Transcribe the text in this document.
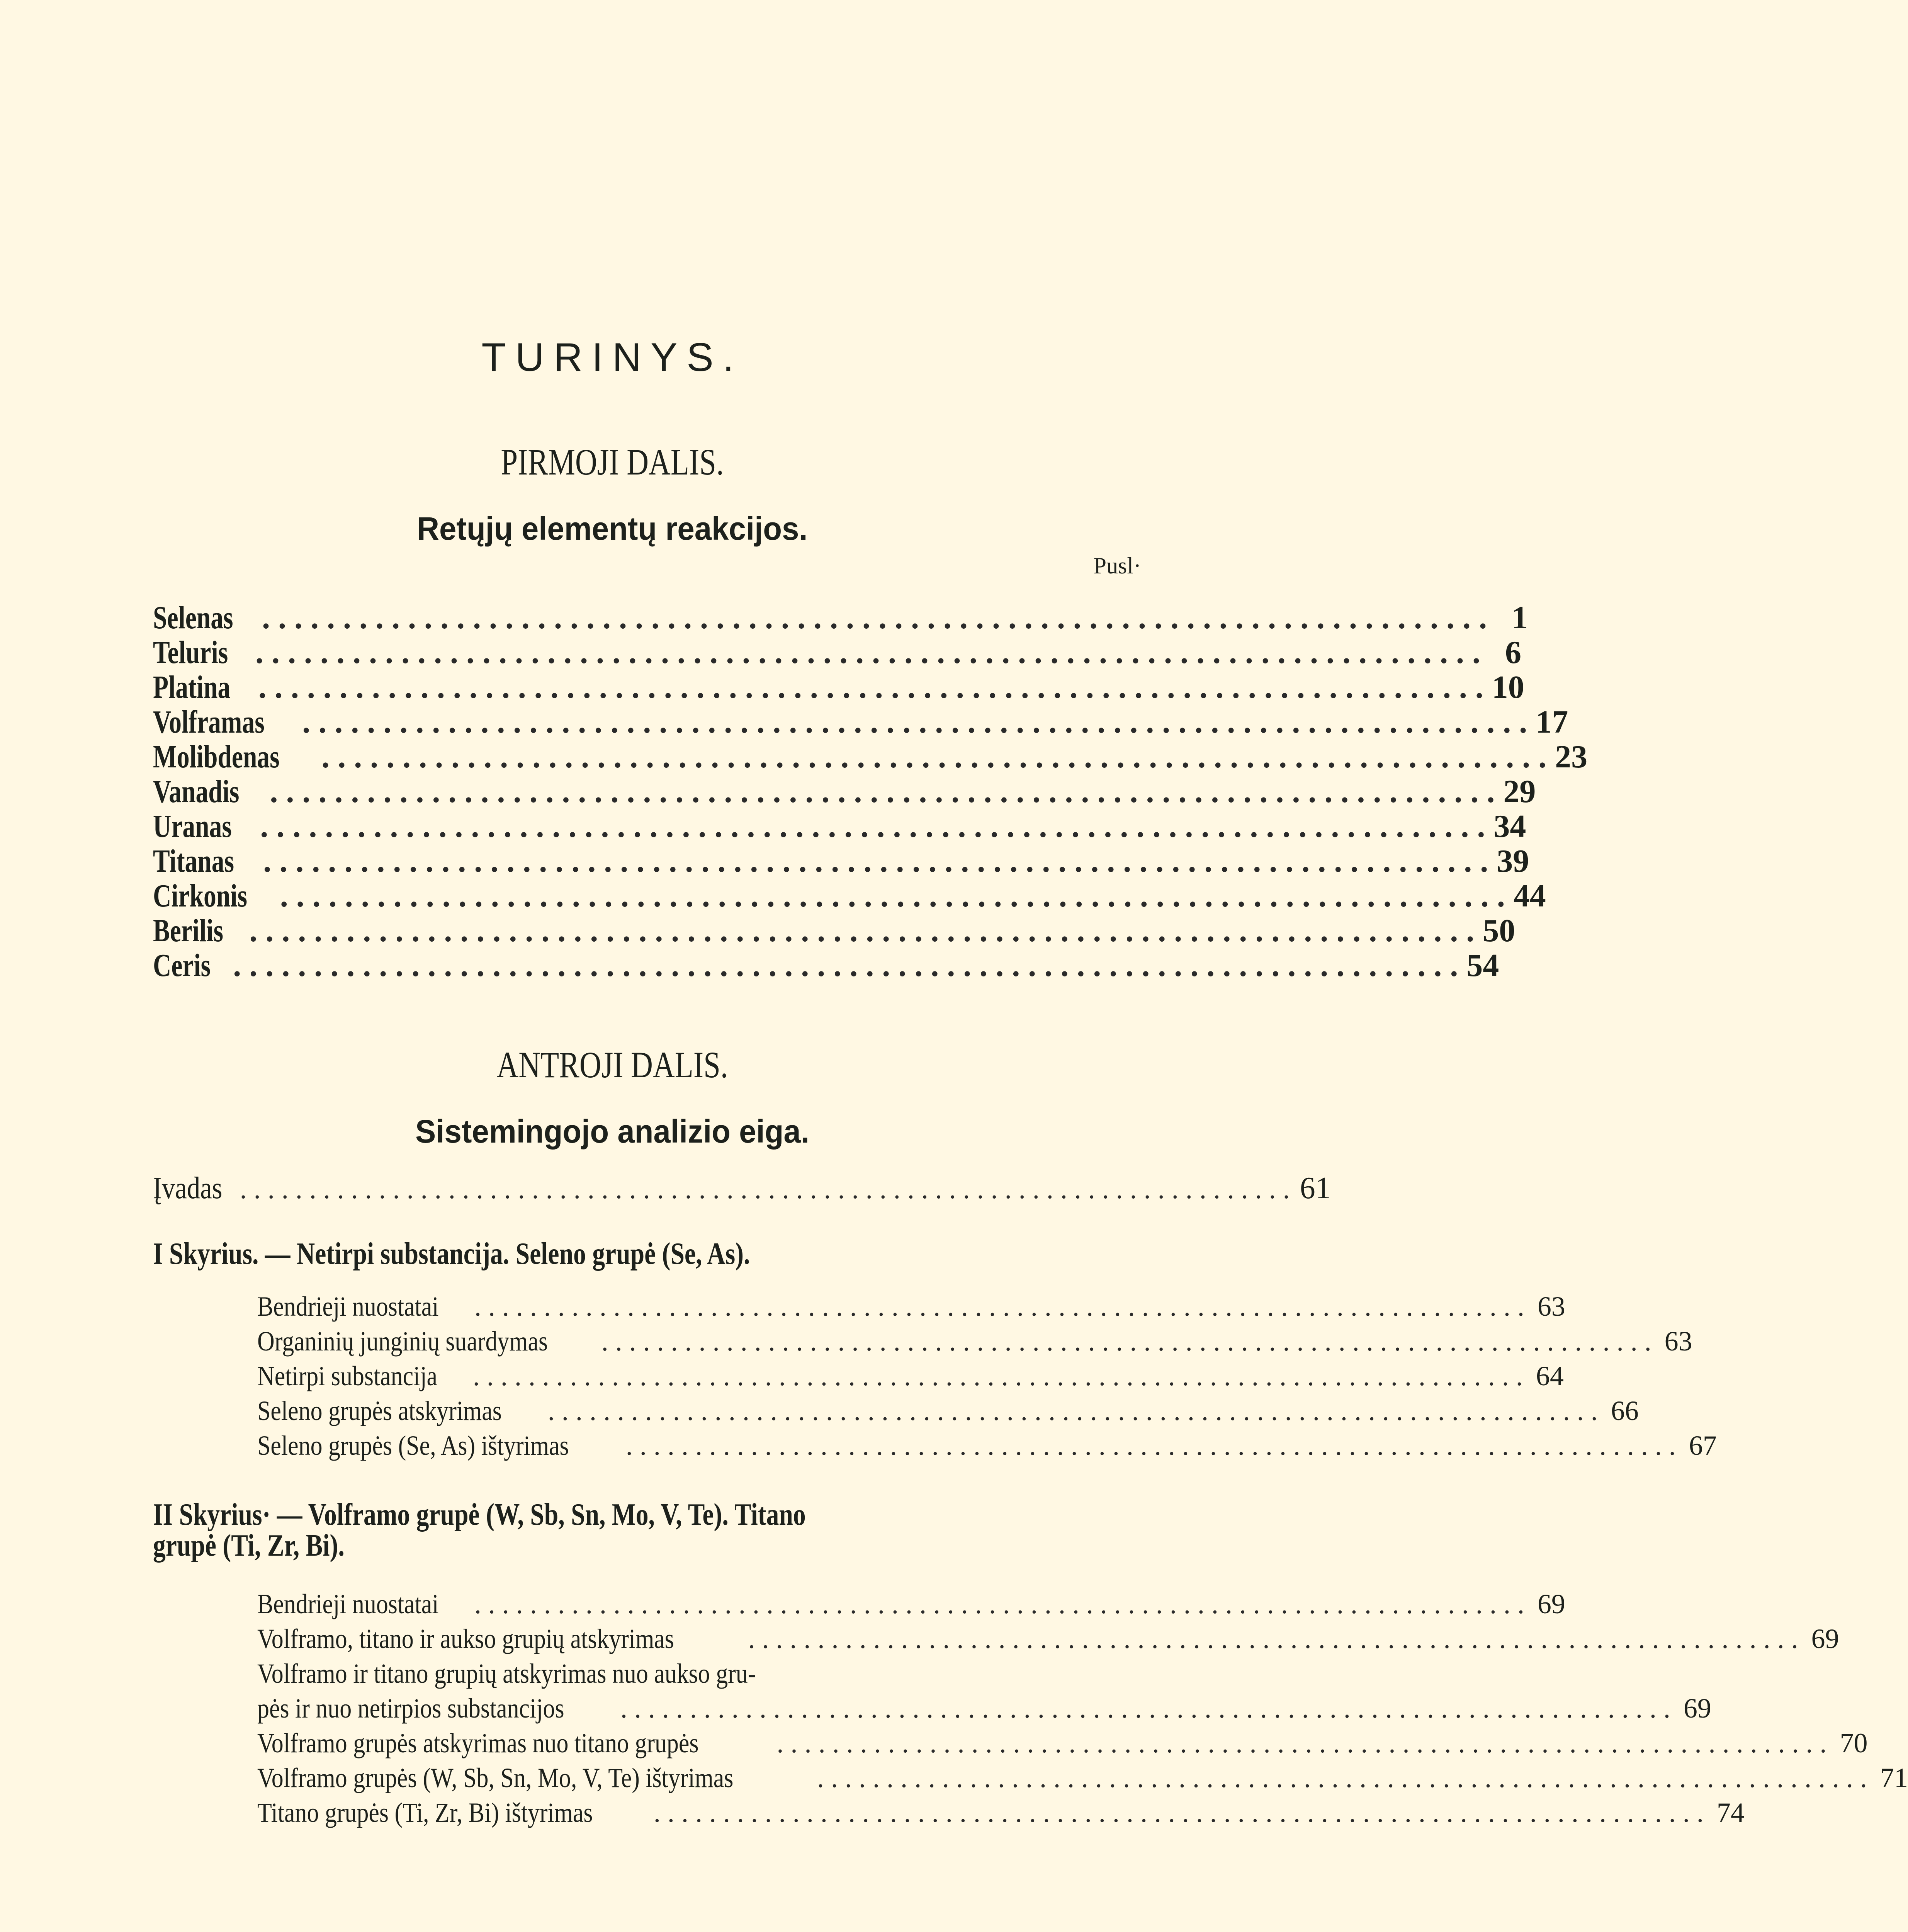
TURINYS.
PIRMOJI DALIS.
Retųjų elementų reakcijos.
Pusl·
Selenas . . . . . . . . . . . . . . . . . . . . . . . . . . . . . . . . . . . . . . . . . . . . . . . . . . . . . . . . . . . . . . . . . . . . . . . . . . . . 1
Teluris . . . . . . . . . . . . . . . . . . . . . . . . . . . . . . . . . . . . . . . . . . . . . . . . . . . . . . . . . . . . . . . . . . . . . . . . . . . . 6
Platina . . . . . . . . . . . . . . . . . . . . . . . . . . . . . . . . . . . . . . . . . . . . . . . . . . . . . . . . . . . . . . . . . . . . . . . . . . . . 10
Volframas . . . . . . . . . . . . . . . . . . . . . . . . . . . . . . . . . . . . . . . . . . . . . . . . . . . . . . . . . . . . . . . . . . . . . . . . . . . . 17
Molibdenas . . . . . . . . . . . . . . . . . . . . . . . . . . . . . . . . . . . . . . . . . . . . . . . . . . . . . . . . . . . . . . . . . . . . . . . . . . . . 23
Vanadis . . . . . . . . . . . . . . . . . . . . . . . . . . . . . . . . . . . . . . . . . . . . . . . . . . . . . . . . . . . . . . . . . . . . . . . . . . . . 29
Uranas . . . . . . . . . . . . . . . . . . . . . . . . . . . . . . . . . . . . . . . . . . . . . . . . . . . . . . . . . . . . . . . . . . . . . . . . . . . . 34
Titanas . . . . . . . . . . . . . . . . . . . . . . . . . . . . . . . . . . . . . . . . . . . . . . . . . . . . . . . . . . . . . . . . . . . . . . . . . . . . 39
Cirkonis . . . . . . . . . . . . . . . . . . . . . . . . . . . . . . . . . . . . . . . . . . . . . . . . . . . . . . . . . . . . . . . . . . . . . . . . . . . . 44
Berilis . . . . . . . . . . . . . . . . . . . . . . . . . . . . . . . . . . . . . . . . . . . . . . . . . . . . . . . . . . . . . . . . . . . . . . . . . . . . 50
Ceris . . . . . . . . . . . . . . . . . . . . . . . . . . . . . . . . . . . . . . . . . . . . . . . . . . . . . . . . . . . . . . . . . . . . . . . . . . . . 54
ANTROJI DALIS.
Sistemingojo analizio eiga.
Įvadas . . . . . . . . . . . . . . . . . . . . . . . . . . . . . . . . . . . . . . . . . . . . . . . . . . . . . . . . . . . . . . . . . . . . . . . . . . . . 61
I Skyrius. — Netirpi substancija. Seleno grupė (Se, As).
Bendrieji nuostatai . . . . . . . . . . . . . . . . . . . . . . . . . . . . . . . . . . . . . . . . . . . . . . . . . . . . . . . . . . . . . . . . . . . . . . . . . . . . 63
Organinių junginių suardymas . . . . . . . . . . . . . . . . . . . . . . . . . . . . . . . . . . . . . . . . . . . . . . . . . . . . . . . . . . . . . . . . . . . . . . . . . . . . 63
Netirpi substancija . . . . . . . . . . . . . . . . . . . . . . . . . . . . . . . . . . . . . . . . . . . . . . . . . . . . . . . . . . . . . . . . . . . . . . . . . . . . 64
Seleno grupės atskyrimas . . . . . . . . . . . . . . . . . . . . . . . . . . . . . . . . . . . . . . . . . . . . . . . . . . . . . . . . . . . . . . . . . . . . . . . . . . . . 66
Seleno grupės (Se, As) ištyrimas . . . . . . . . . . . . . . . . . . . . . . . . . . . . . . . . . . . . . . . . . . . . . . . . . . . . . . . . . . . . . . . . . . . . . . . . . . . . 67
II Skyrius· — Volframo grupė (W, Sb, Sn, Mo, V, Te). Titano
grupė (Ti, Zr, Bi).
Bendrieji nuostatai . . . . . . . . . . . . . . . . . . . . . . . . . . . . . . . . . . . . . . . . . . . . . . . . . . . . . . . . . . . . . . . . . . . . . . . . . . . . 69
Volframo, titano ir aukso grupių atskyrimas	. . . . . . . . . . . . . . . . . . . . . . . . . . . . . . . . . . . . . . . . . . . . . . . . . . . . . . . . . . . . . . . . . . . . . . . . . . . . 69
Volframo ir titano grupių atskyrimas nuo aukso gru-
pės ir nuo netirpios substancijos . . . . . . . . . . . . . . . . . . . . . . . . . . . . . . . . . . . . . . . . . . . . . . . . . . . . . . . . . . . . . . . . . . . . . . . . . . . . 69
Volframo grupės atskyrimas nuo titano grupės	. . . . . . . . . . . . . . . . . . . . . . . . . . . . . . . . . . . . . . . . . . . . . . . . . . . . . . . . . . . . . . . . . . . . . . . . . . . . 70
Volframo grupės (W, Sb, Sn, Mo, V, Te) ištyrimas	. . . . . . . . . . . . . . . . . . . . . . . . . . . . . . . . . . . . . . . . . . . . . . . . . . . . . . . . . . . . . . . . . . . . . . . . . . . . 71
Titano grupės (Ti, Zr, Bi) ištyrimas . . . . . . . . . . . . . . . . . . . . . . . . . . . . . . . . . . . . . . . . . . . . . . . . . . . . . . . . . . . . . . . . . . . . . . . . . . . . 74
